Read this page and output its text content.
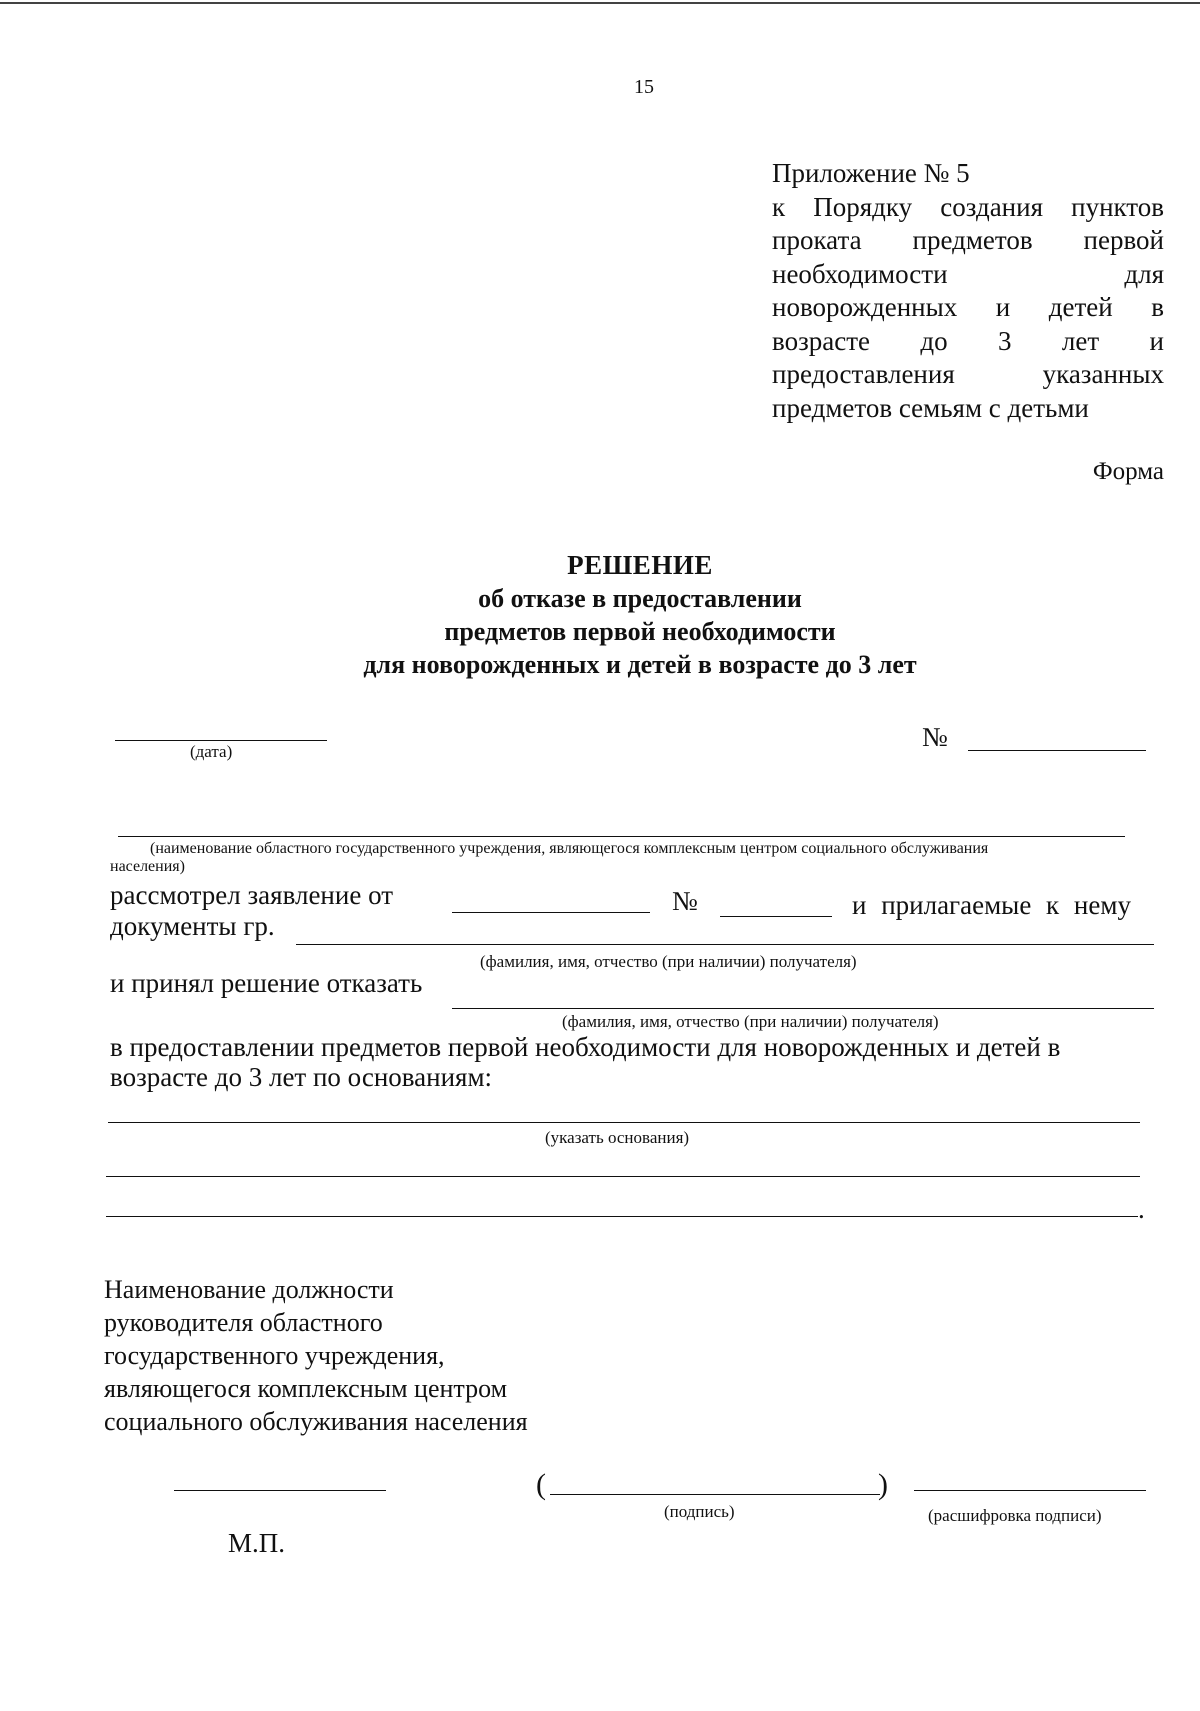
15
Приложение № 5
к Порядку создания пунктов
проката предметов первой
необходимости	для
новорожденных и детей в
возрасте до 3 лет и
предоставления	указанных
предметов семьям с детьми
Форма
РЕШЕНИЕ
об отказе в предоставлении
предметов первой необходимости
для новорожденных и детей в возрасте до 3 лет
(дата)	№
(наименование областного государственного учреждения, являющегося комплексным центром социального обслуживания
населения)
рассмотрел заявление от	№	и прилагаемые к нему
документы гр.
(фамилия, имя, отчество (при наличии) получателя)
и принял решение отказать
(фамилия, имя, отчество (при наличии) получателя)
в предоставлении предметов первой необходимости для новорожденных и детей в
возрасте до 3 лет по основаниям:
(указать основания)
.
Наименование должности
руководителя областного
государственного учреждения,
являющегося комплексным центром
социального обслуживания населения
(	)
(подпись)	(расшифровка подписи)
М.П.
